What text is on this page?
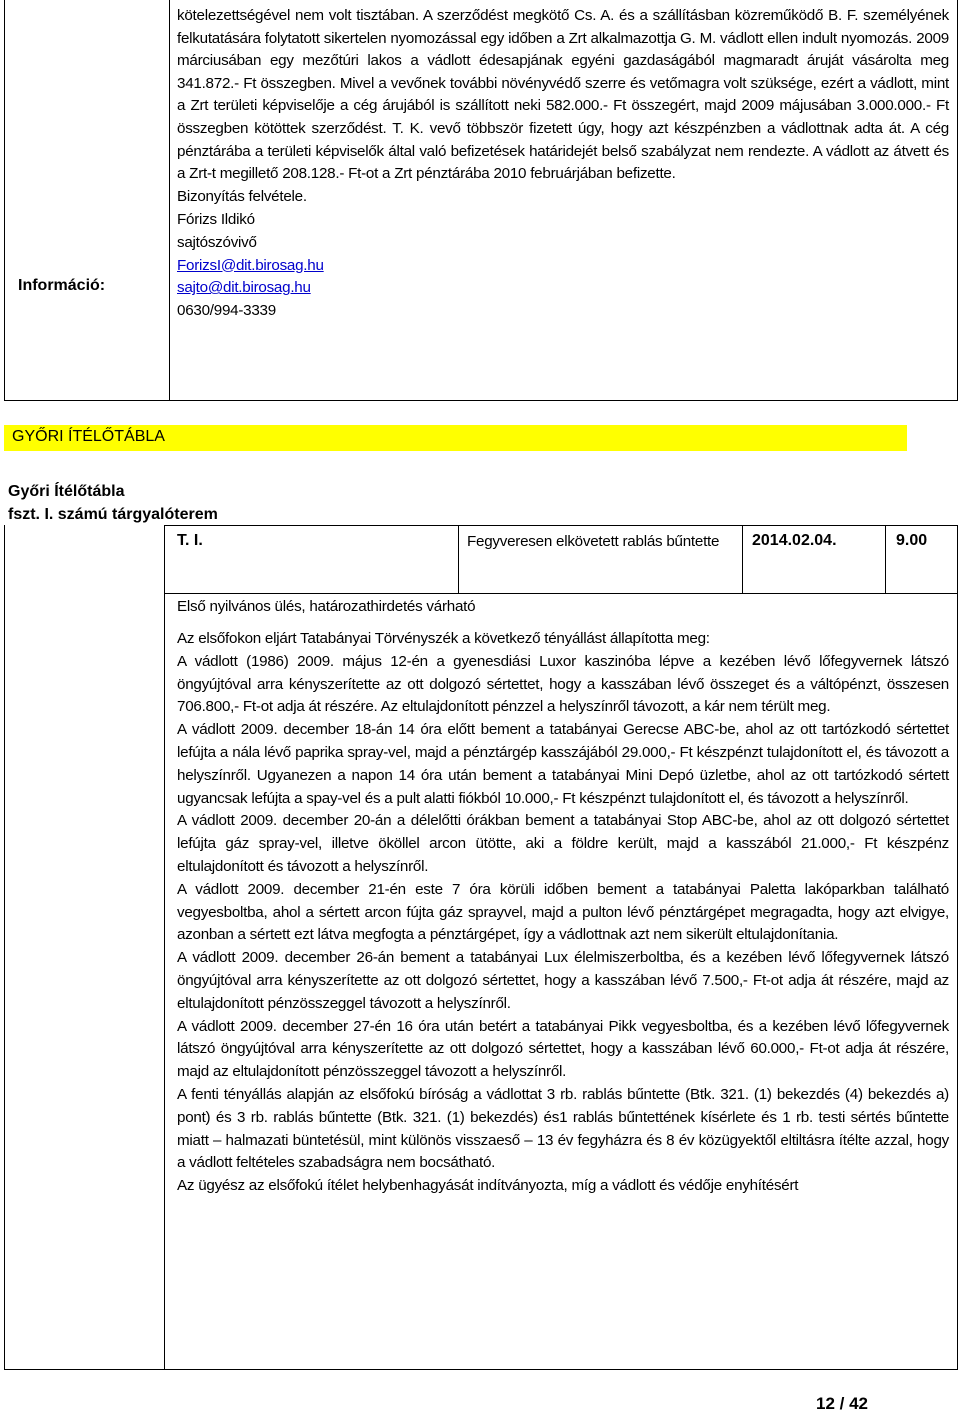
Információ:

kötelezettségével nem volt tisztában. A szerződést megkötő Cs. A. és a szállításban közreműködő B. F. személyének felkutatására folytatott sikertelen nyomozással egy időben a Zrt alkalmazottja G. M. vádlott ellen indult nyomozás. 2009 márciusában egy mezőtúri lakos a vádlott édesapjának egyéni gazdaságából magmaradt áruját vásárolta meg 341.872.- Ft összegben. Mivel a vevőnek további növényvédő szerre és vetőmagra volt szüksége, ezért a vádlott, mint a Zrt területi képviselője a cég árujából is szállított neki 582.000.- Ft összegért, majd 2009 májusában 3.000.000.- Ft összegben kötöttek szerződést. T. K. vevő többször fizetett úgy, hogy azt készpénzben a vádlottnak adta át. A cég pénztárába a területi képviselők által való befizetések határidejét belső szabályzat nem rendezte. A vádlott az átvett és a Zrt-t megillető 208.128.- Ft-ot a Zrt pénztárába 2010 februárjában befizette.

Bizonyítás felvétele.
Fórizs Ildikó
sajtószóvivő
ForizsI@dit.birosag.hu
sajto@dit.birosag.hu
0630/994-3339
GYŐRI ÍTÉLŐTÁBLA
Győri Ítélőtábla
fszt. I. számú tárgyalóterem
T. I.	Fegyveresen elkövetett rablás bűntette	2014.02.04.	9.00
Első nyilvános ülés, határozathirdetés várható

Az elsőfokon eljárt Tatabányai Törvényszék a következő tényállást állapította meg:

A vádlott (1986) 2009. május 12-én a gyenesdiási Luxor kaszinóba lépve a kezében lévő lőfegyvernek látszó öngyújtóval arra kényszerítette az ott dolgozó sértettet, hogy a kasszában lévő összeget és a váltópénzt, összesen 706.800,- Ft-ot adja át részére. Az eltulajdonított pénzzel a helyszínről távozott, a kár nem térült meg.

A vádlott 2009. december 18-án 14 óra előtt bement a tatabányai Gerecse ABC-be, ahol az ott tartózkodó sértettet lefújta a nála lévő paprika spray-vel, majd a pénztárgép kasszájából 29.000,- Ft készpénzt tulajdonított el, és távozott a helyszínről. Ugyanezen a napon 14 óra után bement a tatabányai Mini Depó üzletbe, ahol az ott tartózkodó sértett ugyancsak lefújta a spay-vel és a pult alatti fiókból 10.000,- Ft készpénzt tulajdonított el, és távozott a helyszínről.

A vádlott 2009. december 20-án a délelőtti órákban bement a tatabányai Stop ABC-be, ahol az ott dolgozó sértettet lefújta gáz spray-vel, illetve ököllel arcon ütötte, aki a földre került, majd a kasszából 21.000,- Ft készpénz eltulajdonított és távozott a helyszínről.

A vádlott 2009. december 21-én este 7 óra körüli időben bement a tatabányai Paletta lakóparkban található vegyesboltba, ahol a sértett arcon fújta gáz sprayvel, majd a pulton lévő pénztárgépet megragadta, hogy azt elvigye, azonban a sértett ezt látva megfogta a pénztárgépet, így a vádlottnak azt nem sikerült eltulajdonítania.

A vádlott 2009. december 26-án bement a tatabányai Lux élelmiszerboltba, és a kezében lévő lőfegyvernek látszó öngyújtóval arra kényszerítette az ott dolgozó sértettet, hogy a kasszában lévő 7.500,- Ft-ot adja át részére, majd az eltulajdonított pénzösszeggel távozott a helyszínről.

A vádlott 2009. december 27-én 16 óra után betért a tatabányai Pikk vegyesboltba, és a kezében lévő lőfegyvernek látszó öngyújtóval arra kényszerítette az ott dolgozó sértettet, hogy a kasszában lévő 60.000,- Ft-ot adja át részére, majd az eltulajdonított pénzösszeggel távozott a helyszínről.

A fenti tényállás alapján az elsőfokú bíróság a vádlottat 3 rb. rablás bűntette (Btk. 321. (1) bekezdés (4) bekezdés a) pont) és 3 rb. rablás bűntette (Btk. 321. (1) bekezdés) és1 rablás bűntettének kísérlete és 1 rb. testi sértés bűntette miatt – halmazati büntetésül, mint különös visszaeső – 13 év fegyházra és 8 év közügyektől eltiltásra ítélte azzal, hogy a vádlott feltételes szabadságra nem bocsátható.

Az ügyész az elsőfokú ítélet helybenhagyását indítványozta, míg a vádlott és védője enyhítésért

12 / 42
